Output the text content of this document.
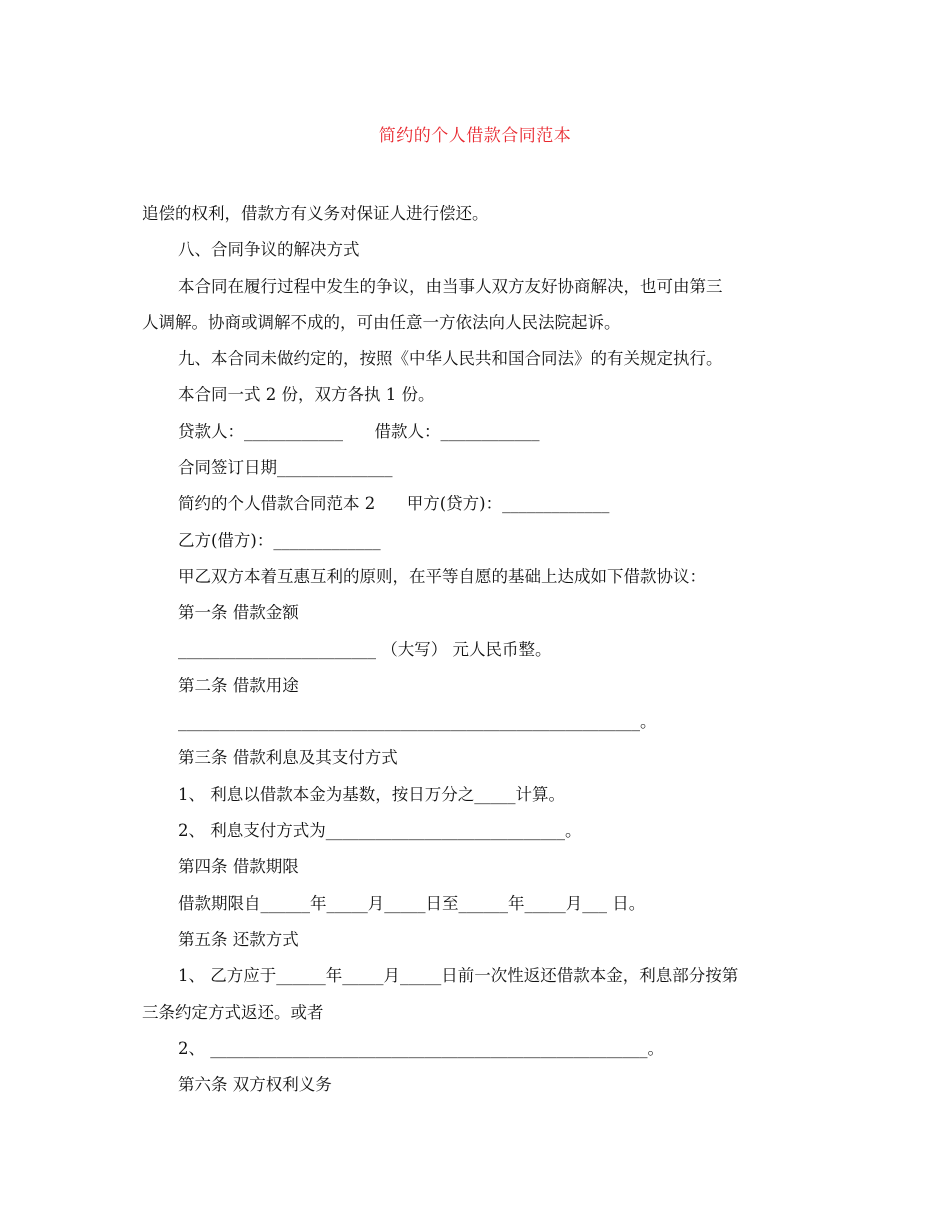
简约的个人借款合同范本

追偿的权利，借款方有义务对保证人进行偿还。

八、合同争议的解决方式

本合同在履行过程中发生的争议，由当事人双方友好协商解决，也可由第三

人调解。协商或调解不成的，可由任意一方依法向人民法院起诉。

九、本合同未做约定的，按照《中华人民共和国合同法》的有关规定执行。

本合同一式 2 份，双方各执 1 份。

贷款人：____________      借款人：____________

合同签订日期______________

简约的个人借款合同范本 2      甲方(贷方)：_____________

乙方(借方)：_____________

甲乙双方本着互惠互利的原则，在平等自愿的基础上达成如下借款协议：

第一条 借款金额

________________________ （大写） 元人民币整。

第二条 借款用途

________________________________________________________。

第三条 借款利息及其支付方式

1、 利息以借款本金为基数，按日万分之_____计算。

2、 利息支付方式为_____________________________。

第四条 借款期限

借款期限自______年_____月_____日至______年_____月___ 日。

第五条 还款方式

1、 乙方应于______年_____月_____日前一次性返还借款本金，利息部分按第

三条约定方式返还。或者

2、 _____________________________________________________。

第六条 双方权利义务
